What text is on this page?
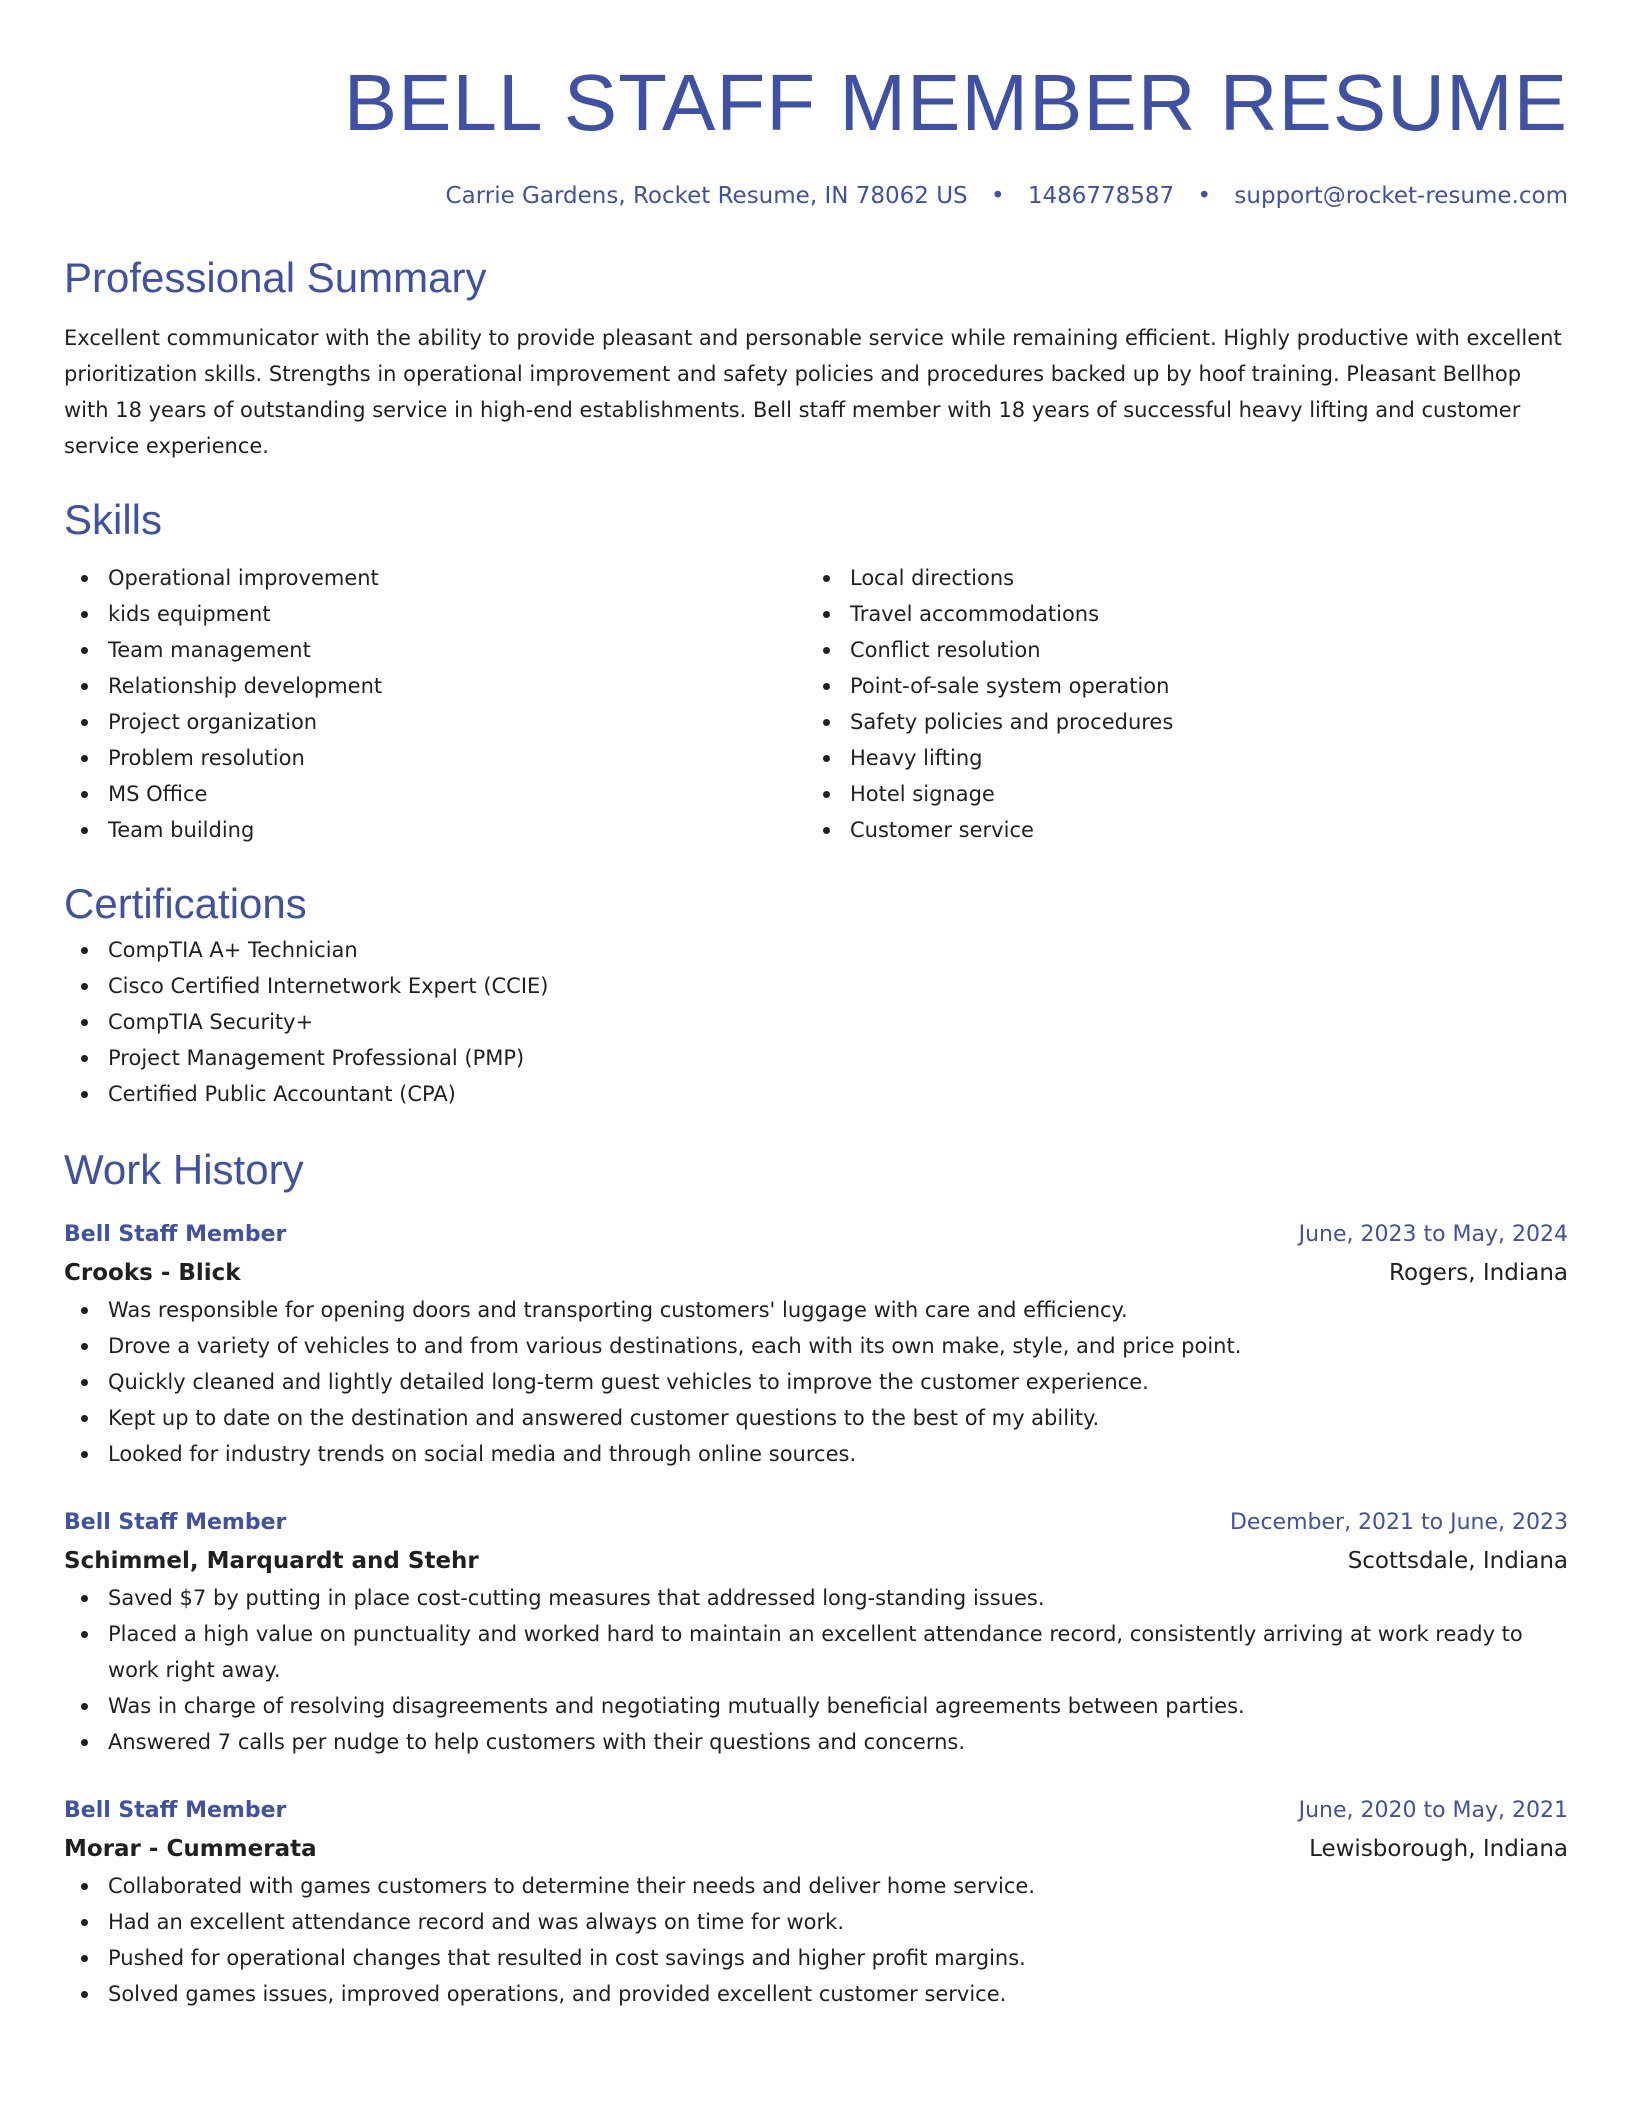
BELL STAFF MEMBER RESUME
Carrie Gardens, Rocket Resume, IN 78062 US • 1486778587 • support@rocket-resume.com
Professional Summary

Excellent communicator with the ability to provide pleasant and personable service while remaining efficient. Highly productive with excellent prioritization skills. Strengths in operational improvement and safety policies and procedures backed up by hoof training. Pleasant Bellhop with 18 years of outstanding service in high-end establishments. Bell staff member with 18 years of successful heavy lifting and customer service experience.

Skills
Operational improvement
kids equipment
Team management
Relationship development
Project organization
Problem resolution
MS Office
Team building
Local directions
Travel accommodations
Conflict resolution
Point-of-sale system operation
Safety policies and procedures
Heavy lifting
Hotel signage
Customer service
Certifications
CompTIA A+ Technician
Cisco Certified Internetwork Expert (CCIE)
CompTIA Security+
Project Management Professional (PMP)
Certified Public Accountant (CPA)
Work History
Bell Staff Member	June, 2023 to May, 2024
Crooks - Blick	Rogers, Indiana
Was responsible for opening doors and transporting customers' luggage with care and efficiency.
Drove a variety of vehicles to and from various destinations, each with its own make, style, and price point.
Quickly cleaned and lightly detailed long-term guest vehicles to improve the customer experience.
Kept up to date on the destination and answered customer questions to the best of my ability.
Looked for industry trends on social media and through online sources.
Bell Staff Member	December, 2021 to June, 2023
Schimmel, Marquardt and Stehr	Scottsdale, Indiana
Saved $7 by putting in place cost-cutting measures that addressed long-standing issues.
Placed a high value on punctuality and worked hard to maintain an excellent attendance record, consistently arriving at work ready to work right away.
Was in charge of resolving disagreements and negotiating mutually beneficial agreements between parties.
Answered 7 calls per nudge to help customers with their questions and concerns.
Bell Staff Member	June, 2020 to May, 2021
Morar - Cummerata	Lewisborough, Indiana
Collaborated with games customers to determine their needs and deliver home service.
Had an excellent attendance record and was always on time for work.
Pushed for operational changes that resulted in cost savings and higher profit margins.
Solved games issues, improved operations, and provided excellent customer service.
